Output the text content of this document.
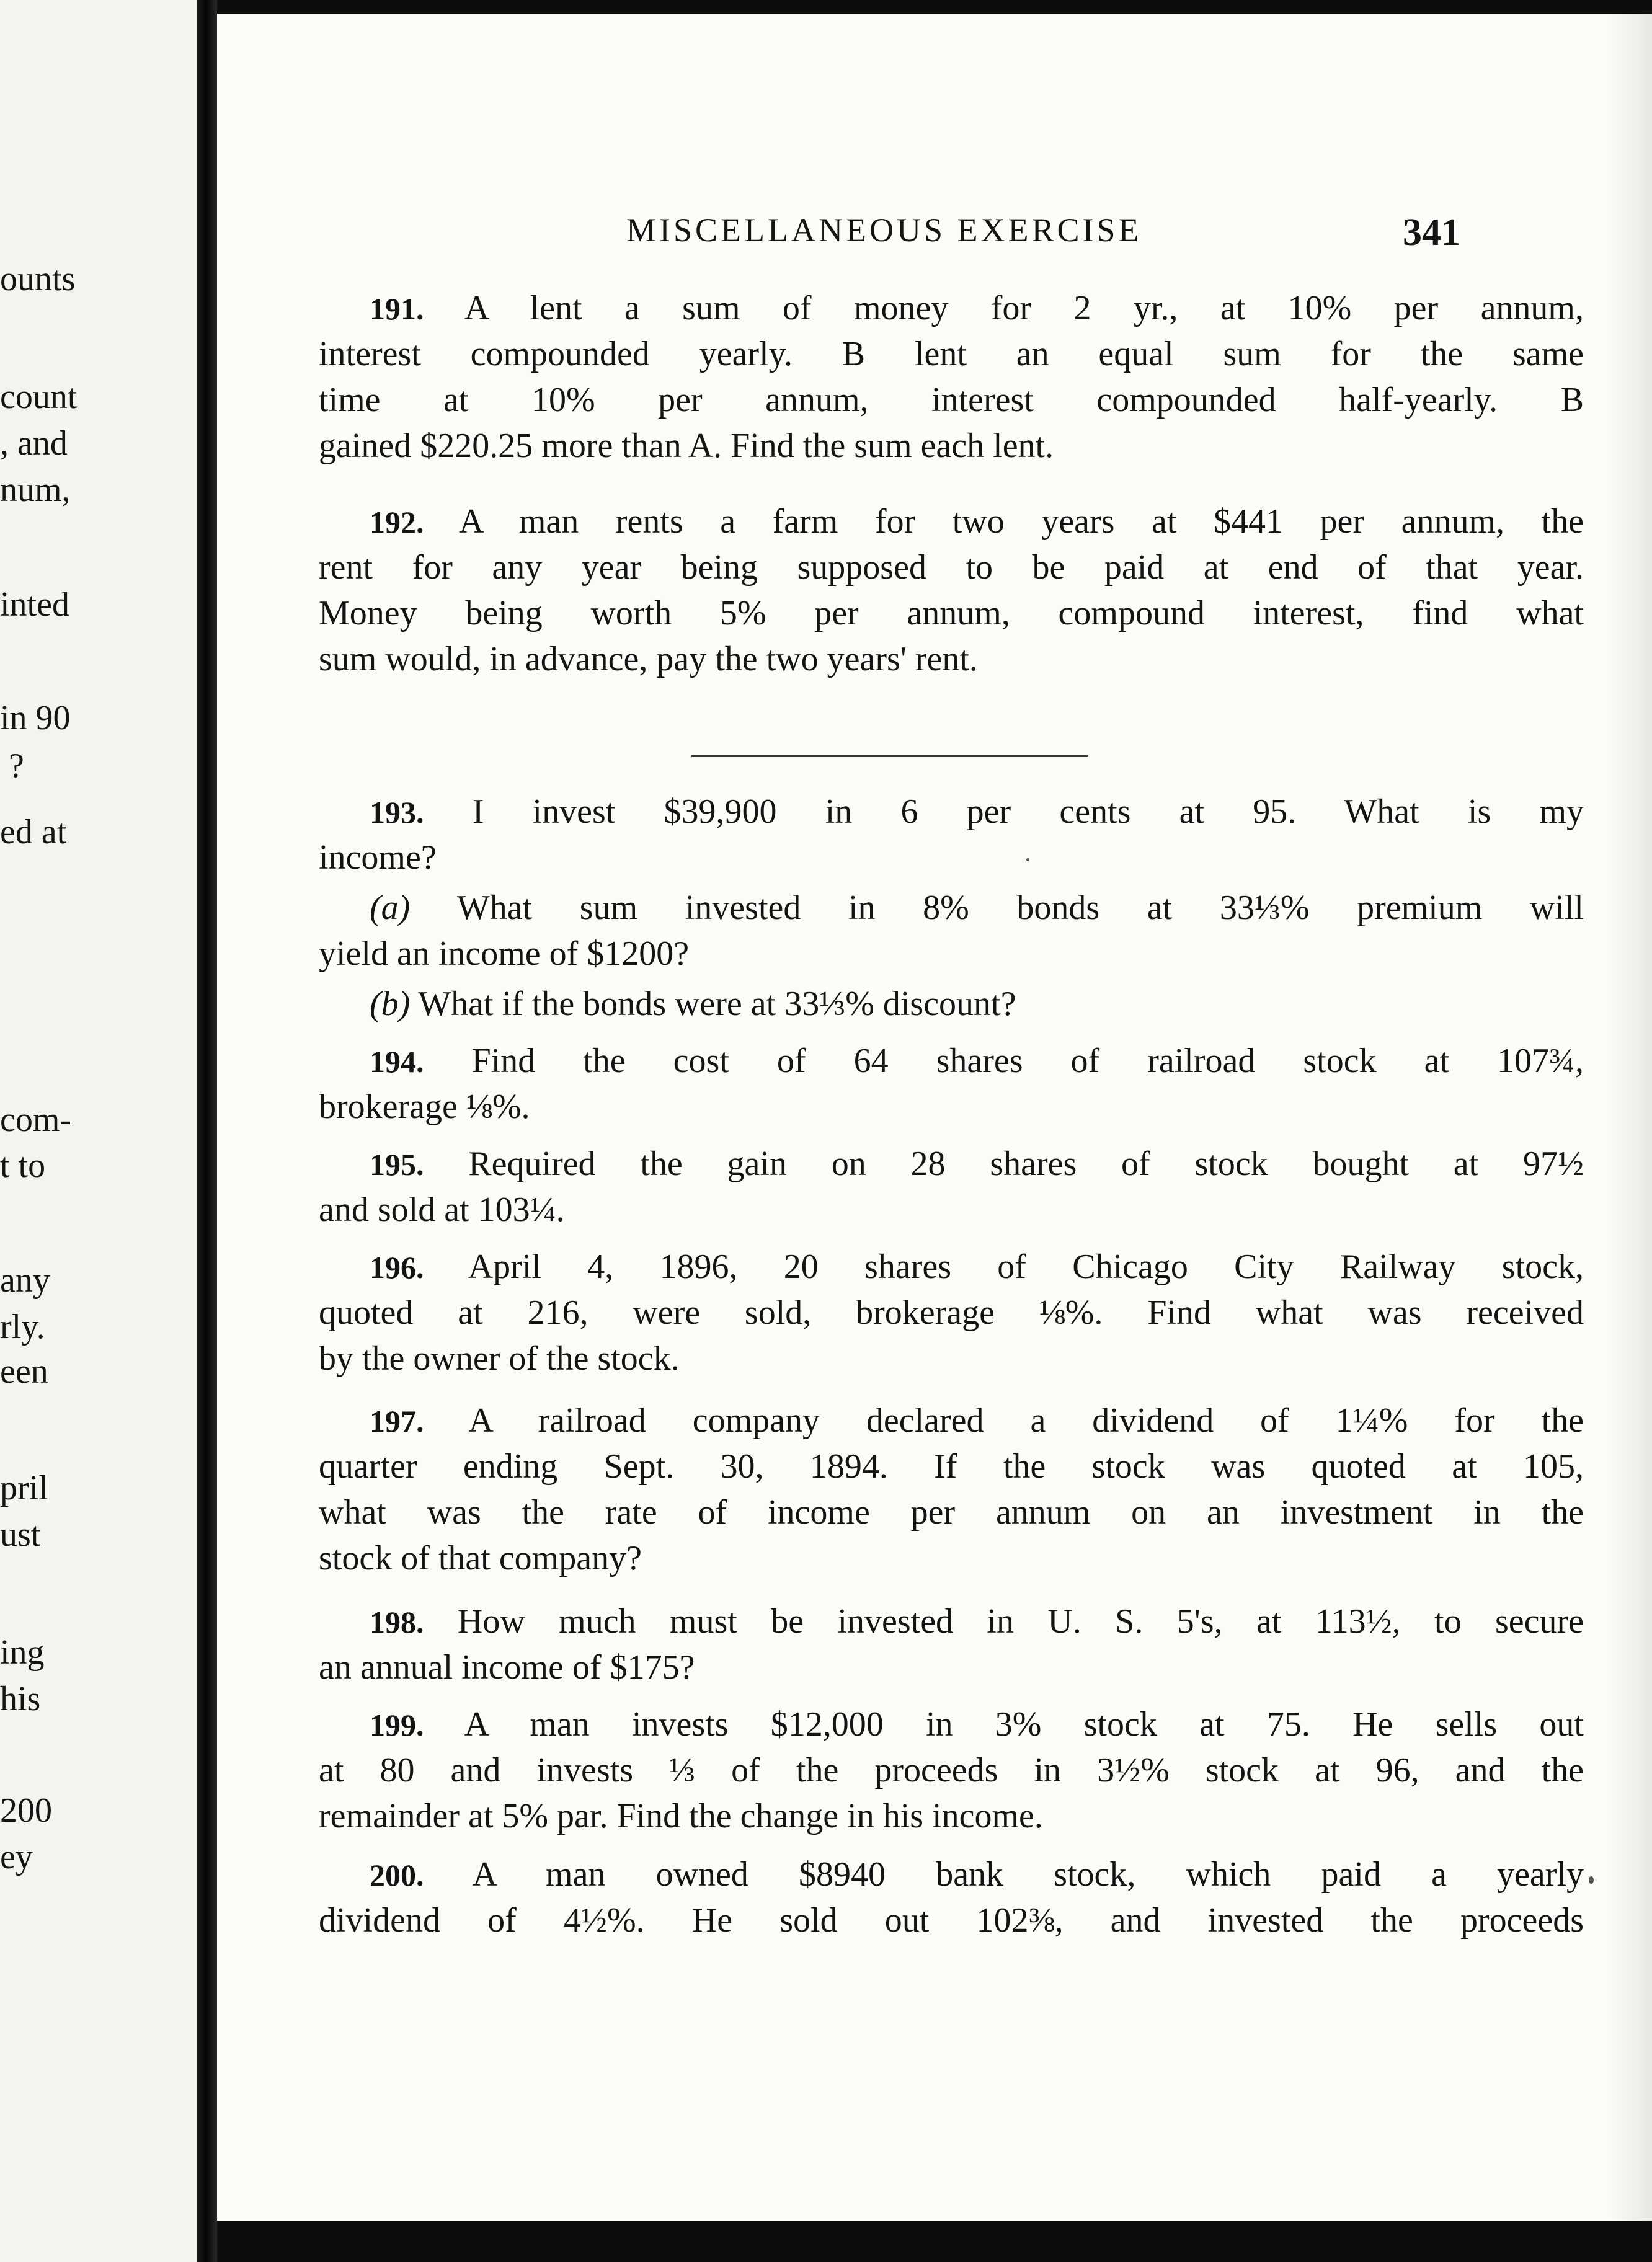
ounts
count
, and
num,
inted
in 90
?
ed at
com-
t to
any
rly.
een
pril
ust
ing
his
200
ey
MISCELLANEOUS EXERCISE	341
191. A lent a sum of money for 2 yr., at 10% per annum,
interest compounded yearly. B lent an equal sum for the same
time at 10% per annum, interest compounded half-yearly. B
gained $220.25 more than A. Find the sum each lent.
192. A man rents a farm for two years at $441 per annum, the
rent for any year being supposed to be paid at end of that year.
Money being worth 5% per annum, compound interest, find what
sum would, in advance, pay the two years' rent.
193. I invest $39,900 in 6 per cents at 95. What is my
income?
(a) What sum invested in 8% bonds at 33⅓% premium will
yield an income of $1200?
(b) What if the bonds were at 33⅓% discount?
194. Find the cost of 64 shares of railroad stock at 107¾,
brokerage ⅛%.
195. Required the gain on 28 shares of stock bought at 97½
and sold at 103¼.
196. April 4, 1896, 20 shares of Chicago City Railway stock,
quoted at 216, were sold, brokerage ⅛%. Find what was received
by the owner of the stock.
197. A railroad company declared a dividend of 1¼% for the
quarter ending Sept. 30, 1894. If the stock was quoted at 105,
what was the rate of income per annum on an investment in the
stock of that company?
198. How much must be invested in U. S. 5's, at 113½, to secure
an annual income of $175?
199. A man invests $12,000 in 3% stock at 75. He sells out
at 80 and invests ⅓ of the proceeds in 3½% stock at 96, and the
remainder at 5% par. Find the change in his income.
200. A man owned $8940 bank stock, which paid a yearly
dividend of 4½%. He sold out 102⅜, and invested the proceeds
